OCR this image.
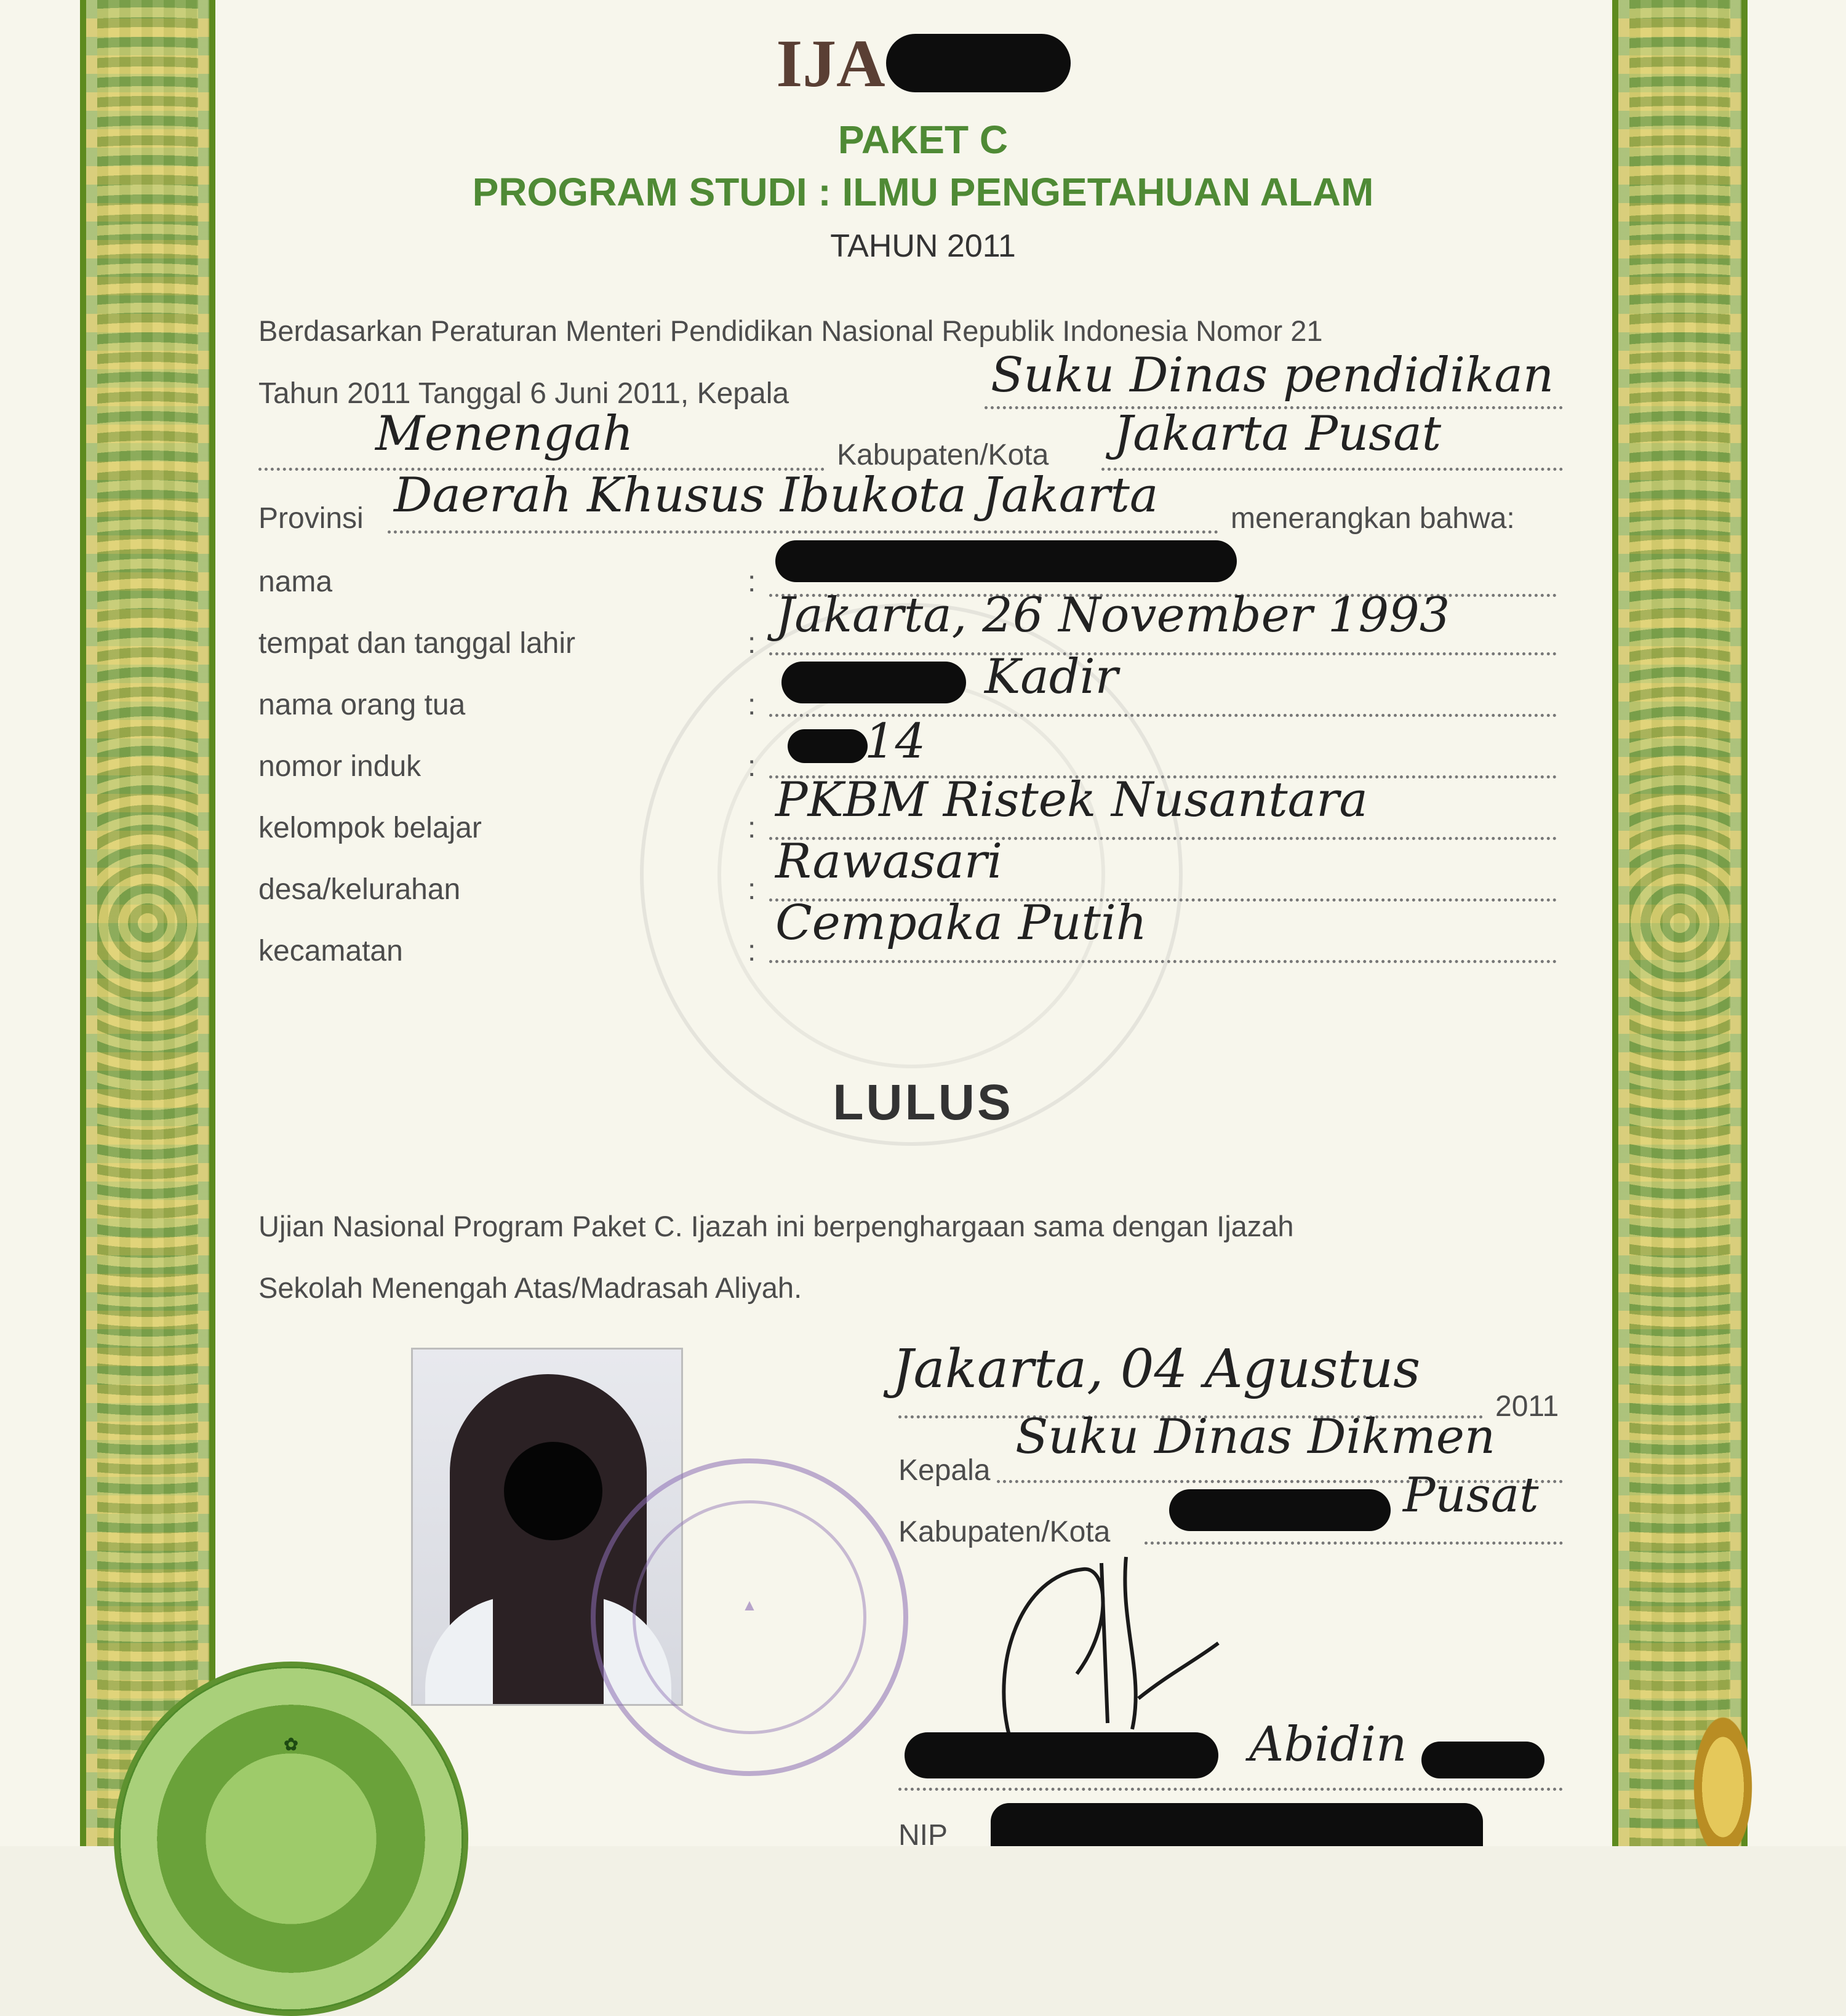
IJA
PAKET C
PROGRAM STUDI : ILMU PENGETAHUAN ALAM
TAHUN 2011
Berdasarkan Peraturan Menteri Pendidikan Nasional Republik Indonesia Nomor 21
Tahun 2011 Tanggal 6 Juni 2011, Kepala	Suku Dinas pendidikan
Menengah	Kabupaten/Kota Jakarta Pusat
Provinsi Daerah Khusus Ibukota Jakarta menerangkan bahwa:
nama	:
tempat dan tanggal lahir	:
Jakarta, 26 November 1993
nama orang tua	:
Kadir
nomor induk	: 14
kelompok belajar	:
PKBM Ristek Nusantara
desa/kelurahan	:
Rawasari
kecamatan	:
Cempaka Putih
LULUS
Ujian Nasional Program Paket C. Ijazah ini berpenghargaan sama dengan Ijazah
Sekolah Menengah Atas/Madrasah Aliyah.
▲
✿
Jakarta, 04 Agustus
2011
Kepala
Suku Dinas Dikmen
Kabupaten/Kota
Pusat
Abidin
NIP
